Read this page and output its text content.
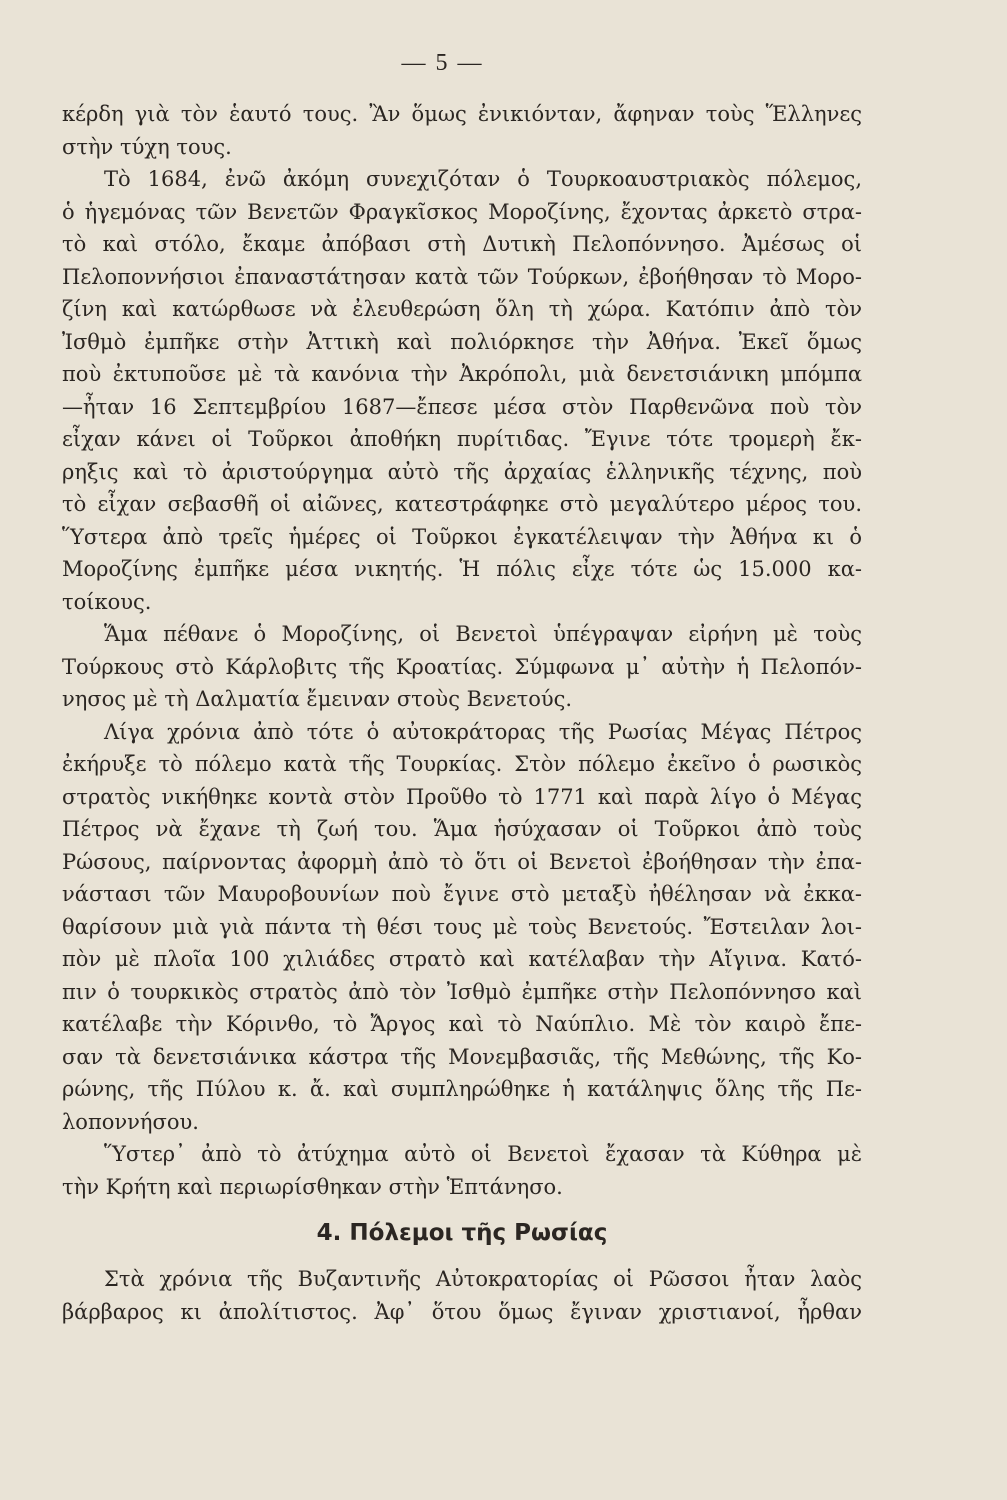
— 5 —
κέρδη γιὰ τὸν ἑαυτό τους. Ἂν ὅμως ἐνικιόνταν, ἄφηναν τοὺς Ἕλληνες
στὴν τύχη τους.
Τὸ 1684, ἐνῶ ἀκόμη συνεχιζόταν ὁ Τουρκοαυστριακὸς πόλεμος,
ὁ ἡγεμόνας τῶν Βενετῶν Φραγκῖσκος Μοροζίνης, ἔχοντας ἀρκετὸ στρα-
τὸ καὶ στόλο, ἔκαμε ἀπόβασι στὴ Δυτικὴ Πελοπόννησο. Ἀμέσως οἱ
Πελοποννήσιοι ἐπαναστάτησαν κατὰ τῶν Τούρκων, ἐβοήθησαν τὸ Μορο-
ζίνη καὶ κατώρθωσε νὰ ἐλευθερώση ὅλη τὴ χώρα. Κατόπιν ἀπὸ τὸν
Ἰσθμὸ ἐμπῆκε στὴν Ἀττικὴ καὶ πολιόρκησε τὴν Ἀθήνα. Ἐκεῖ ὅμως
ποὺ ἐκτυποῦσε μὲ τὰ κανόνια τὴν Ἀκρόπολι, μιὰ δενετσιάνικη μπόμπα
—ἦταν 16 Σεπτεμβρίου 1687—ἔπεσε μέσα στὸν Παρθενῶνα ποὺ τὸν
εἶχαν κάνει οἱ Τοῦρκοι ἀποθήκη πυρίτιδας. Ἔγινε τότε τρομερὴ ἔκ-
ρηξις καὶ τὸ ἀριστούργημα αὐτὸ τῆς ἀρχαίας ἑλληνικῆς τέχνης, ποὺ
τὸ εἶχαν σεβασθῆ οἱ αἰῶνες, κατεστράφηκε στὸ μεγαλύτερο μέρος του.
Ὕστερα ἀπὸ τρεῖς ἡμέρες οἱ Τοῦρκοι ἐγκατέλειψαν τὴν Ἀθήνα κι ὁ
Μοροζίνης ἐμπῆκε μέσα νικητής. Ἡ πόλις εἶχε τότε ὡς 15.000 κα-
τοίκους.
Ἅμα πέθανε ὁ Μοροζίνης, οἱ Βενετοὶ ὑπέγραψαν εἰρήνη μὲ τοὺς
Τούρκους στὸ Κάρλοβιτς τῆς Κροατίας. Σύμφωνα μ᾽ αὐτὴν ἡ Πελοπόν-
νησος μὲ τὴ Δαλματία ἔμειναν στοὺς Βενετούς.
Λίγα χρόνια ἀπὸ τότε ὁ αὐτοκράτορας τῆς Ρωσίας Μέγας Πέτρος
ἐκήρυξε τὸ πόλεμο κατὰ τῆς Τουρκίας. Στὸν πόλεμο ἐκεῖνο ὁ ρωσικὸς
στρατὸς νικήθηκε κοντὰ στὸν Προῦθο τὸ 1771 καὶ παρὰ λίγο ὁ Μέγας
Πέτρος νὰ ἔχανε τὴ ζωή του. Ἅμα ἡσύχασαν οἱ Τοῦρκοι ἀπὸ τοὺς
Ρώσους, παίρνοντας ἀφορμὴ ἀπὸ τὸ ὅτι οἱ Βενετοὶ ἐβοήθησαν τὴν ἐπα-
νάστασι τῶν Μαυροβουνίων ποὺ ἔγινε στὸ μεταξὺ ἠθέλησαν νὰ ἐκκα-
θαρίσουν μιὰ γιὰ πάντα τὴ θέσι τους μὲ τοὺς Βενετούς. Ἔστειλαν λοι-
πὸν μὲ πλοῖα 100 χιλιάδες στρατὸ καὶ κατέλαβαν τὴν Αἴγινα. Κατό-
πιν ὁ τουρκικὸς στρατὸς ἀπὸ τὸν Ἰσθμὸ ἐμπῆκε στὴν Πελοπόννησο καὶ
κατέλαβε τὴν Κόρινθο, τὸ Ἄργος καὶ τὸ Ναύπλιο. Μὲ τὸν καιρὸ ἔπε-
σαν τὰ δενετσιάνικα κάστρα τῆς Μονεμβασιᾶς, τῆς Μεθώνης, τῆς Κο-
ρώνης, τῆς Πύλου κ. ἄ. καὶ συμπληρώθηκε ἡ κατάληψις ὅλης τῆς Πε-
λοποννήσου.
Ὕστερ᾽ ἀπὸ τὸ ἀτύχημα αὐτὸ οἱ Βενετοὶ ἔχασαν τὰ Κύθηρα μὲ
τὴν Κρήτη καὶ περιωρίσθηκαν στὴν Ἑπτάνησο.
4. Πόλεμοι τῆς Ρωσίας
Στὰ χρόνια τῆς Βυζαντινῆς Αὐτοκρατορίας οἱ Ρῶσσοι ἦταν λαὸς
βάρβαρος κι ἀπολίτιστος. Ἀφ᾽ ὅτου ὅμως ἔγιναν χριστιανοί, ἦρθαν
